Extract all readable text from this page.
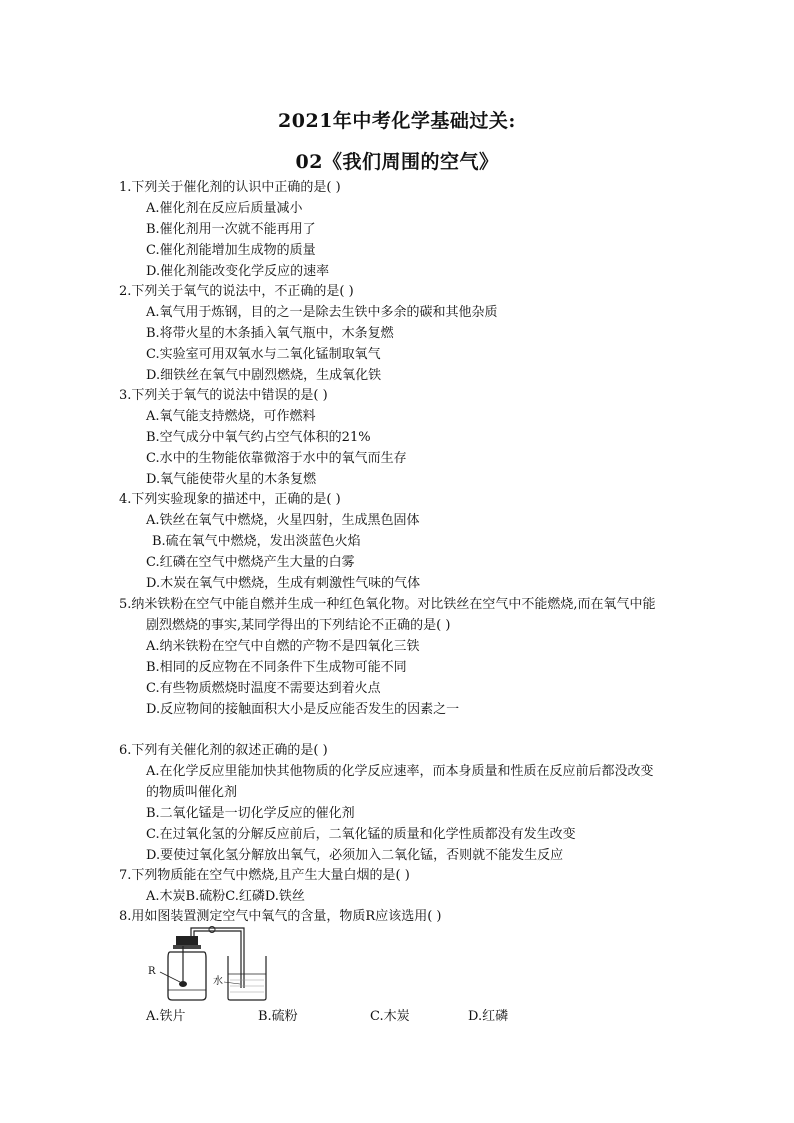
2021年中考化学基础过关:
02《我们周围的空气》
1.下列关于催化剂的认识中正确的是( )
A.催化剂在反应后质量减小
B.催化剂用一次就不能再用了
C.催化剂能增加生成物的质量
D.催化剂能改变化学反应的速率
2.下列关于氧气的说法中，不正确的是( )
A.氧气用于炼钢，目的之一是除去生铁中多余的碳和其他杂质
B.将带火星的木条插入氧气瓶中，木条复燃
C.实验室可用双氧水与二氧化锰制取氧气
D.细铁丝在氧气中剧烈燃烧，生成氧化铁
3.下列关于氧气的说法中错误的是( )
A.氧气能支持燃烧，可作燃料
B.空气成分中氧气约占空气体积的21%
C.水中的生物能依靠微溶于水中的氧气而生存
D.氧气能使带火星的木条复燃
4.下列实验现象的描述中，正确的是( )
A.铁丝在氧气中燃烧，火星四射，生成黑色固体
B.硫在氧气中燃烧，发出淡蓝色火焰
C.红磷在空气中燃烧产生大量的白雾
D.木炭在氧气中燃烧，生成有刺激性气味的气体
5.纳米铁粉在空气中能自燃并生成一种红色氧化物。对比铁丝在空气中不能燃烧,而在氧气中能
剧烈燃烧的事实,某同学得出的下列结论不正确的是( )
A.纳米铁粉在空气中自燃的产物不是四氧化三铁
B.相同的反应物在不同条件下生成物可能不同
C.有些物质燃烧时温度不需要达到着火点
D.反应物间的接触面积大小是反应能否发生的因素之一
6.下列有关催化剂的叙述正确的是( )
A.在化学反应里能加快其他物质的化学反应速率，而本身质量和性质在反应前后都没改变
的物质叫催化剂
B.二氧化锰是一切化学反应的催化剂
C.在过氧化氢的分解反应前后，二氧化锰的质量和化学性质都没有发生改变
D.要使过氧化氢分解放出氧气，必须加入二氧化锰，否则就不能发生反应
7.下列物质能在空气中燃烧,且产生大量白烟的是( )
A.木炭B.硫粉C.红磷D.铁丝
8.用如图装置测定空气中氧气的含量，物质R应该选用( )
R
水
A.铁片	B.硫粉	C.木炭	D.红磷
